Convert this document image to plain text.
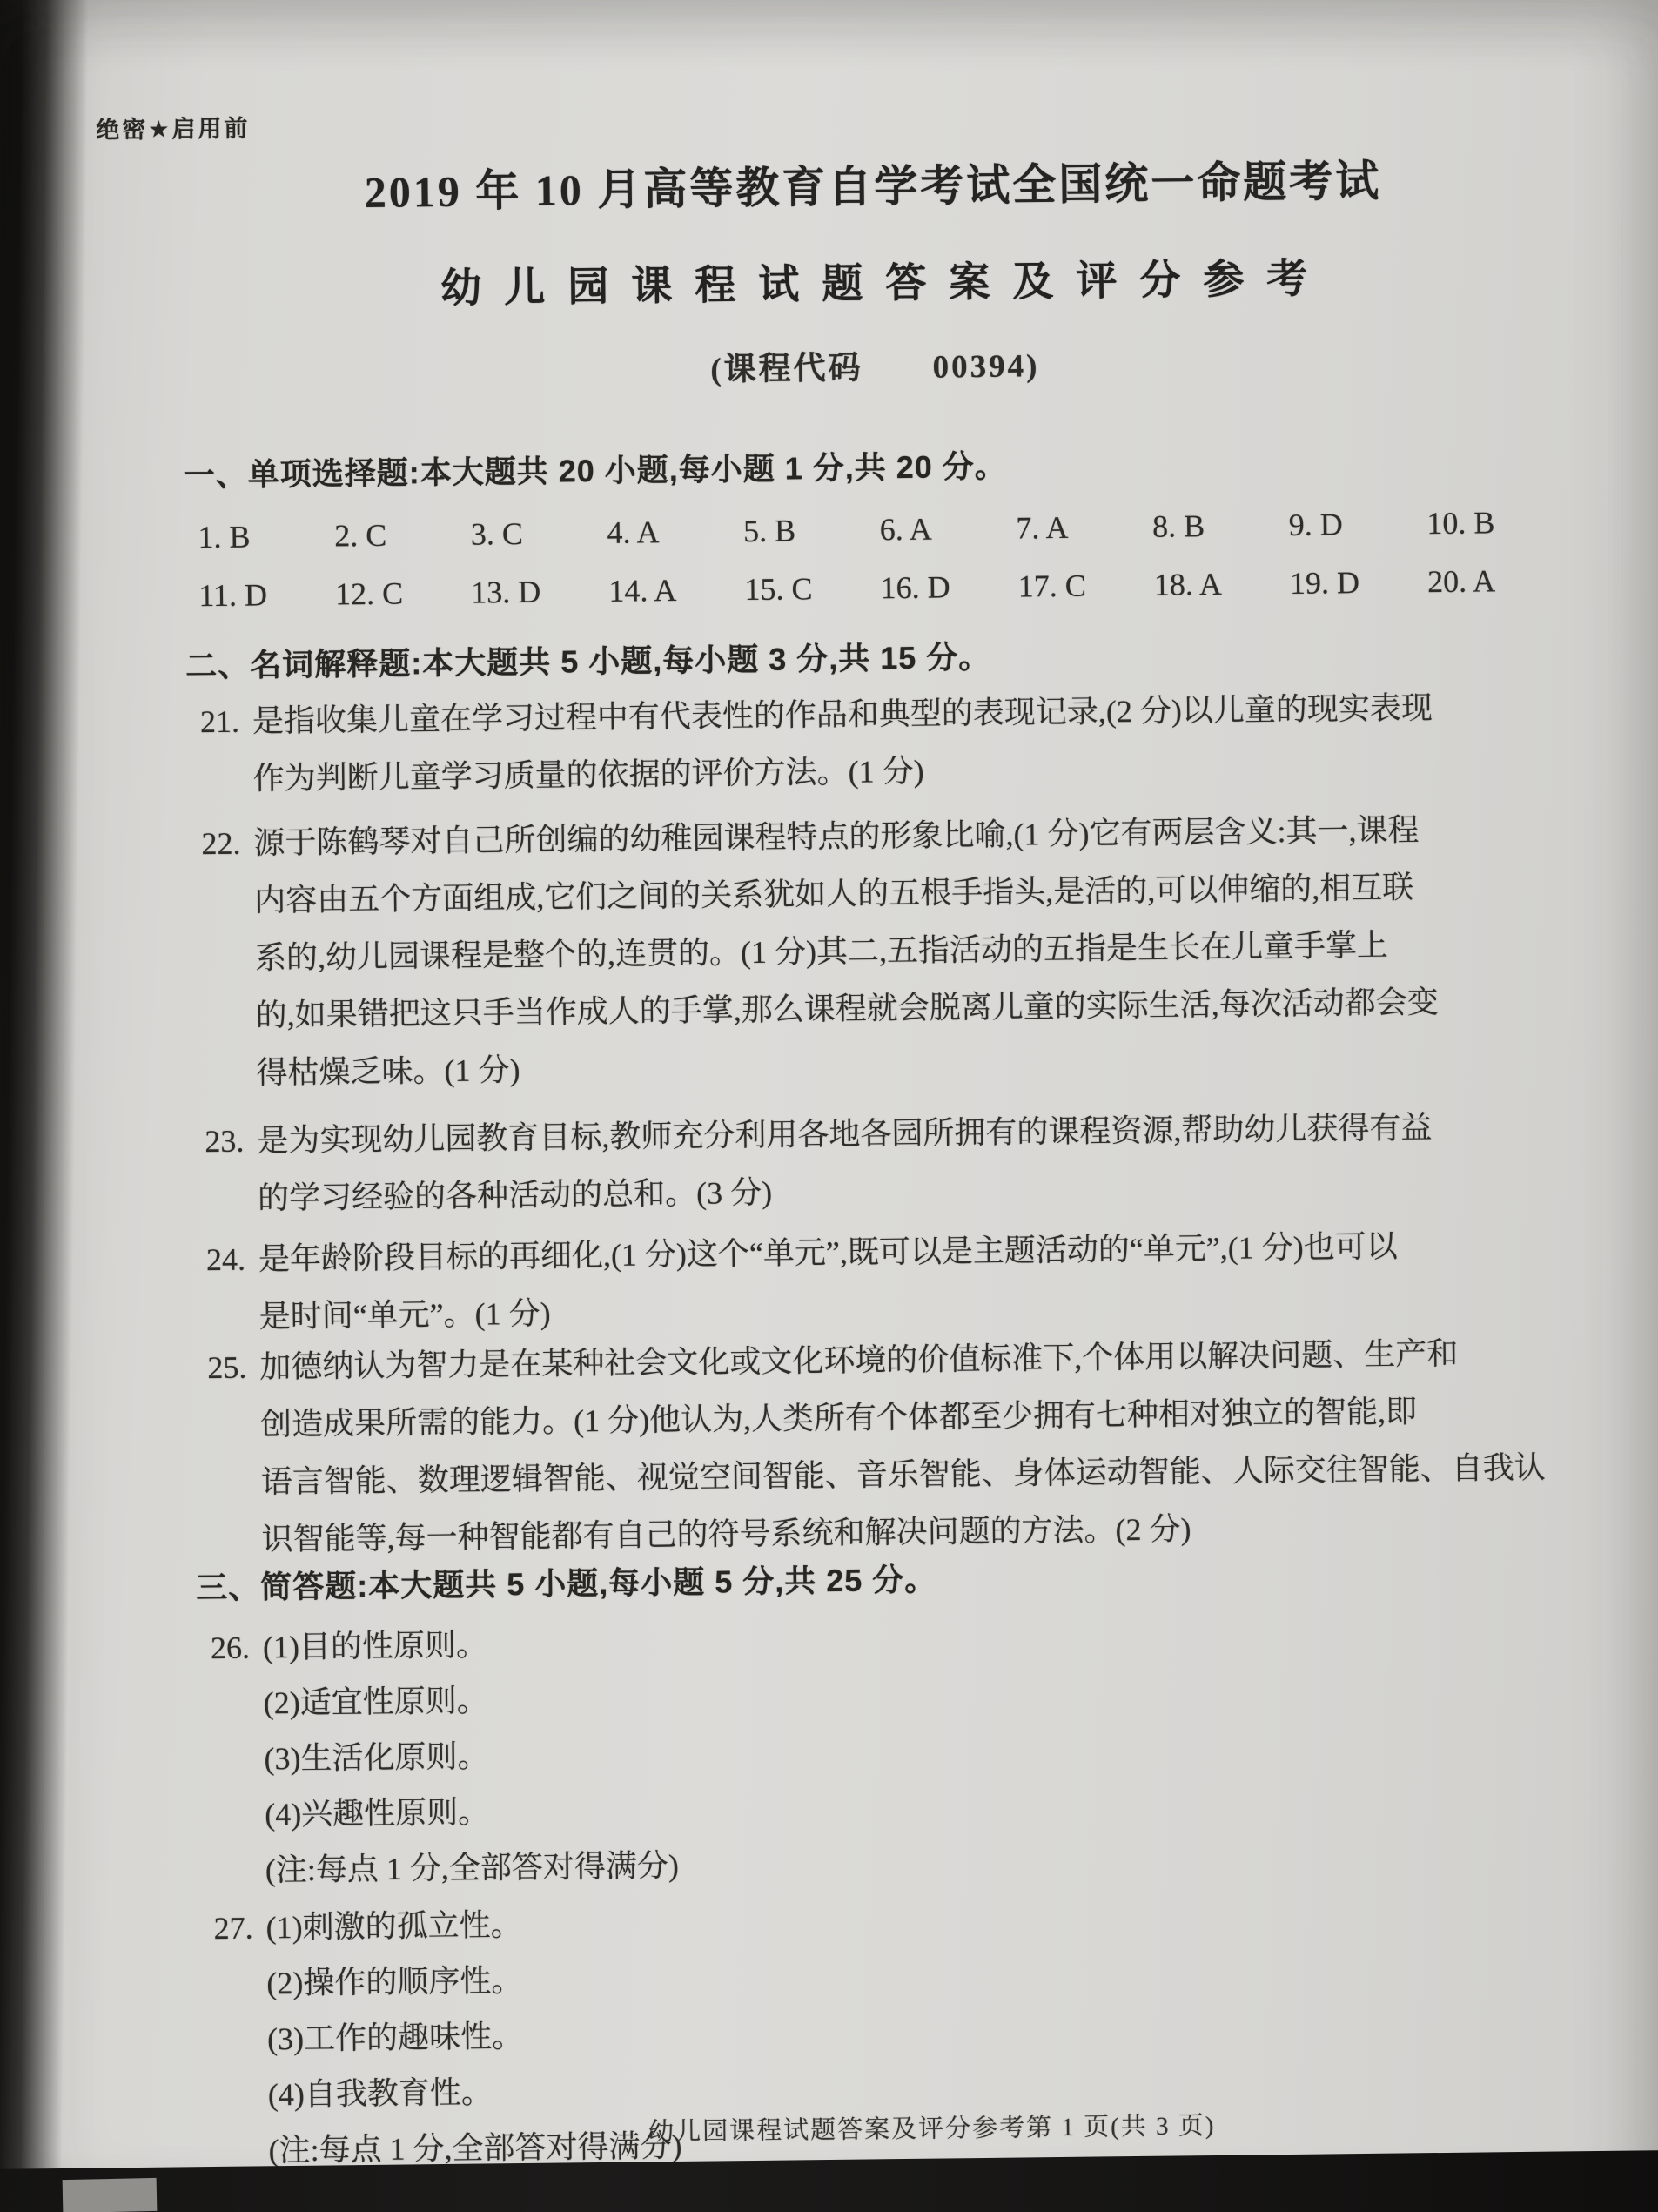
绝密★启用前
2019 年 10 月高等教育自学考试全国统一命题考试
幼儿园课程试题答案及评分参考
(课程代码　　00394)
一、单项选择题:本大题共 20 小题,每小题 1 分,共 20 分。
1. B	2. C	3. C	4. A	5. B	6. A	7. A	8. B	9. D	10. B
11. D 12. C 13. D 14. A 15. C 16. D 17. C 18. A 19. D 20. A
二、名词解释题:本大题共 5 小题,每小题 3 分,共 15 分。
21. 是指收集儿童在学习过程中有代表性的作品和典型的表现记录,(2 分)以儿童的现实表现
作为判断儿童学习质量的依据的评价方法。(1 分)
22. 源于陈鹤琴对自己所创编的幼稚园课程特点的形象比喻,(1 分)它有两层含义:其一,课程
内容由五个方面组成,它们之间的关系犹如人的五根手指头,是活的,可以伸缩的,相互联
系的,幼儿园课程是整个的,连贯的。(1 分)其二,五指活动的五指是生长在儿童手掌上
的,如果错把这只手当作成人的手掌,那么课程就会脱离儿童的实际生活,每次活动都会变
得枯燥乏味。(1 分)
23. 是为实现幼儿园教育目标,教师充分利用各地各园所拥有的课程资源,帮助幼儿获得有益
的学习经验的各种活动的总和。(3 分)
24. 是年龄阶段目标的再细化,(1 分)这个“单元”,既可以是主题活动的“单元”,(1 分)也可以
是时间“单元”。(1 分)
25. 加德纳认为智力是在某种社会文化或文化环境的价值标准下,个体用以解决问题、生产和
创造成果所需的能力。(1 分)他认为,人类所有个体都至少拥有七种相对独立的智能,即
语言智能、数理逻辑智能、视觉空间智能、音乐智能、身体运动智能、人际交往智能、自我认
识智能等,每一种智能都有自己的符号系统和解决问题的方法。(2 分)
三、简答题:本大题共 5 小题,每小题 5 分,共 25 分。
26. (1)目的性原则。
(2)适宜性原则。
(3)生活化原则。
(4)兴趣性原则。
(注:每点 1 分,全部答对得满分)
27. (1)刺激的孤立性。
(2)操作的顺序性。
(3)工作的趣味性。
(4)自我教育性。
(注:每点 1 分,全部答对得满分)
幼儿园课程试题答案及评分参考第 1 页(共 3 页)
